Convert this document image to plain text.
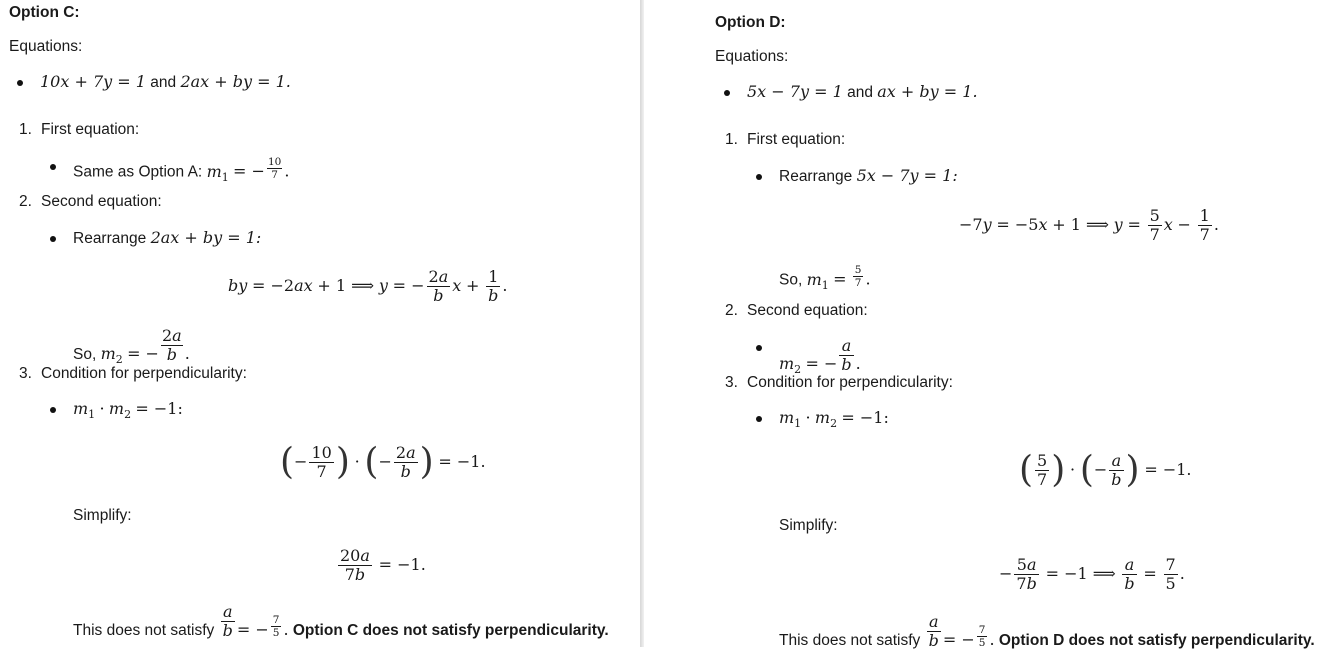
Option C:
Equations:
10x + 7y = 1 and 2ax + by = 1.
1. First equation:
Same as Option A: $m_1$ = − $\frac{10}{7}$ .
2. Second equation:
Rearrange 2ax + by = 1:
by = −2ax + 1 ⟹ y = − $\frac{2a}{b}$ $x + \frac{1}{b}$ .
So, $m_2$ = − $\frac{2a}{b}$ .
3. Condition for perpendicularity:
$m_1 \cdot m_2 = -1$:
(− $\frac{10}{7}$ ) · (− $\frac{2a}{b}$ ) = −1.
Simplify:
$\frac{20a}{7b} = -1$.
This does not satisfy $\frac{a}{b}$ = − $\frac{7}{5}$ . Option C does not satisfy perpendicularity.
Option D:
Equations:
5x − 7y = 1 and ax + by = 1.
1. First equation:
Rearrange 5x − 7y = 1:
−7y = −5x + 1 ⟹ $y = \frac{5}{7}$ $x - \frac{1}{7}$ .
So, $m_1 = \frac{5}{7}$ .
2. Second equation:
$m_2$ = − $\frac{a}{b}$ .
3. Condition for perpendicularity:
$m_1 \cdot m_2 = -1$:
( $\frac{5}{7}$ ) · (− $\frac{a}{b}$ ) = −1.
Simplify:
− $\frac{5a}{7b} = -1$ ⟹ $\frac{a}{b} = \frac{7}{5}$ .
This does not satisfy $\frac{a}{b}$ = − $\frac{7}{5}$ . Option D does not satisfy perpendicularity.
